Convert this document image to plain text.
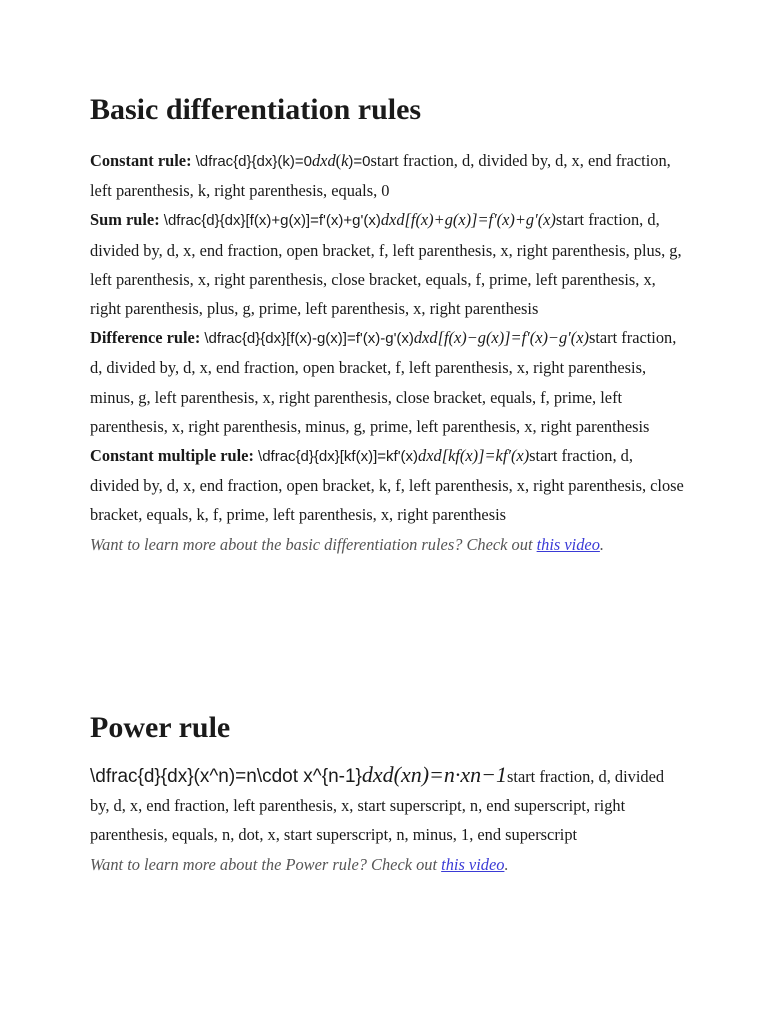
Basic differentiation rules

Constant rule: \dfrac{d}{dx}(k)=0dxd(k)=0start fraction, d, divided by, d, x, end fraction, left parenthesis, k, right parenthesis, equals, 0

Sum rule: \dfrac{d}{dx}[f(x)+g(x)]=f'(x)+g'(x)dxd[f(x)+g(x)]=f′(x)+g′(x)start fraction, d, divided by, d, x, end fraction, open bracket, f, left parenthesis, x, right parenthesis, plus, g, left parenthesis, x, right parenthesis, close bracket, equals, f, prime, left parenthesis, x, right parenthesis, plus, g, prime, left parenthesis, x, right parenthesis

Difference rule: \dfrac{d}{dx}[f(x)-g(x)]=f'(x)-g'(x)dxd[f(x)−g(x)]=f′(x)−g′(x)start fraction, d, divided by, d, x, end fraction, open bracket, f, left parenthesis, x, right parenthesis, minus, g, left parenthesis, x, right parenthesis, close bracket, equals, f, prime, left parenthesis, x, right parenthesis, minus, g, prime, left parenthesis, x, right parenthesis

Constant multiple rule: \dfrac{d}{dx}[kf(x)]=kf'(x)dxd[kf(x)]=kf′(x)start fraction, d, divided by, d, x, end fraction, open bracket, k, f, left parenthesis, x, right parenthesis, close bracket, equals, k, f, prime, left parenthesis, x, right parenthesis

Want to learn more about the basic differentiation rules? Check out this video.

Power rule

\dfrac{d}{dx}(x^n)=n\cdot x^{n-1}dxd(xn)=n·xn−1start fraction, d, divided by, d, x, end fraction, left parenthesis, x, start superscript, n, end superscript, right parenthesis, equals, n, dot, x, start superscript, n, minus, 1, end superscript

Want to learn more about the Power rule? Check out this video.
